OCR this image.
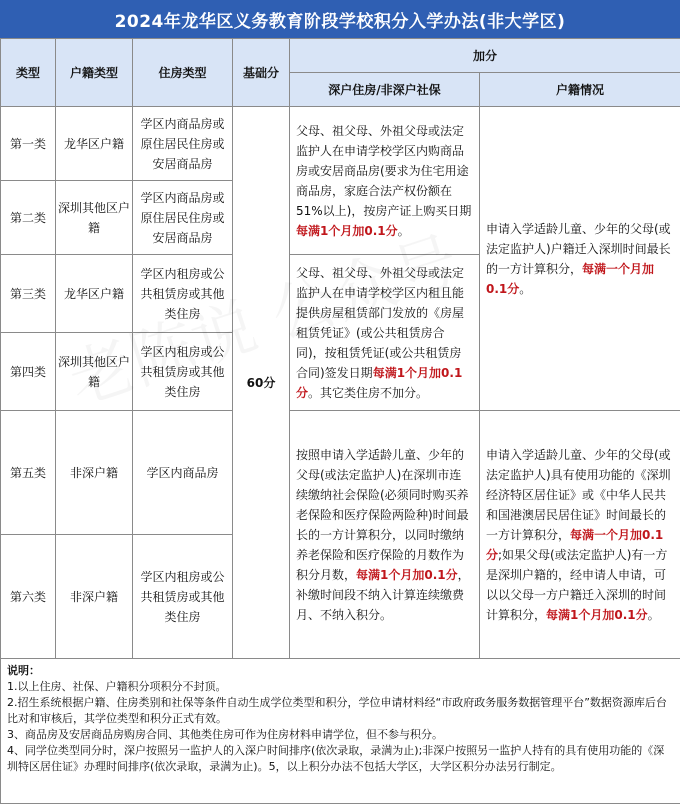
2024年龙华区义务教育阶段学校积分入学办法(非大学区)
类型	户籍类型	住房类型	基础分	加分	
				深户住房/非深户社保	户籍情况
第一类	龙华区户籍	学区内商品房或原住居民住房或安居商品房	60分	父母、祖父母、外祖父母或法定监护人在申请学校学区内购商品房或安居商品房(要求为住宅用途商品房，家庭合法产权份额在51%以上)，按房产证上购买日期每满1个月加0.1分。	申请入学适龄儿童、少年的父母(或法定监护人)户籍迁入深圳时间最长的一方计算积分，每满一个月加0.1分。
第二类	深圳其他区户籍	学区内商品房或原住居民住房或安居商品房			
第三类	龙华区户籍	学区内租房或公共租赁房或其他类住房		父母、祖父母、外祖父母或法定监护人在申请学校学区内租且能提供房屋租赁部门发放的《房屋租赁凭证》(或公共租赁房合同)，按租赁凭证(或公共租赁房合同)签发日期每满1个月加0.1分。其它类住房不加分。	
第四类	深圳其他区户籍	学区内租房或公共租赁房或其他类住房			
第五类	非深户籍	学区内商品房		按照申请入学适龄儿童、少年的父母(或法定监护人)在深圳市连续缴纳社会保险(必须同时购买养老保险和医疗保险两险种)时间最长的一方计算积分，以同时缴纳养老保险和医疗保险的月数作为积分月数，每满1个月加0.1分，补缴时间段不纳入计算连续缴费月、不纳入积分。	申请入学适龄儿童、少年的父母(或法定监护人)具有使用功能的《深圳经济特区居住证》或《中华人民共和国港澳居民居住证》时间最长的一方计算积分，每满一个月加0.1分;如果父母(或法定监护人)有一方是深圳户籍的，经申请人申请，可以以父母一方户籍迁入深圳的时间计算积分，每满1个月加0.1分。
第六类	非深户籍	学区内租房或公共租赁房或其他类住房			

说明：

1.以上住房、社保、户籍积分项积分不封顶。

2.招生系统根据户籍、住房类别和社保等条件自动生成学位类型和积分，学位申请材料经“市政府政务服务数据管理平台”数据资源库后台比对和审核后，其学位类型和积分正式有效。

3、商品房及安居商品房购房合同、其他类住房可作为住房材料申请学位，但不参与积分。

4、同学位类型同分时，深户按照另一监护人的入深户时间排序(依次录取，录满为止);非深户按照另一监护人持有的具有使用功能的《深圳特区居住证》办理时间排序(依次录取，录满为止)。5，以上积分办法不包括大学区，大学区积分办法另行制定。
